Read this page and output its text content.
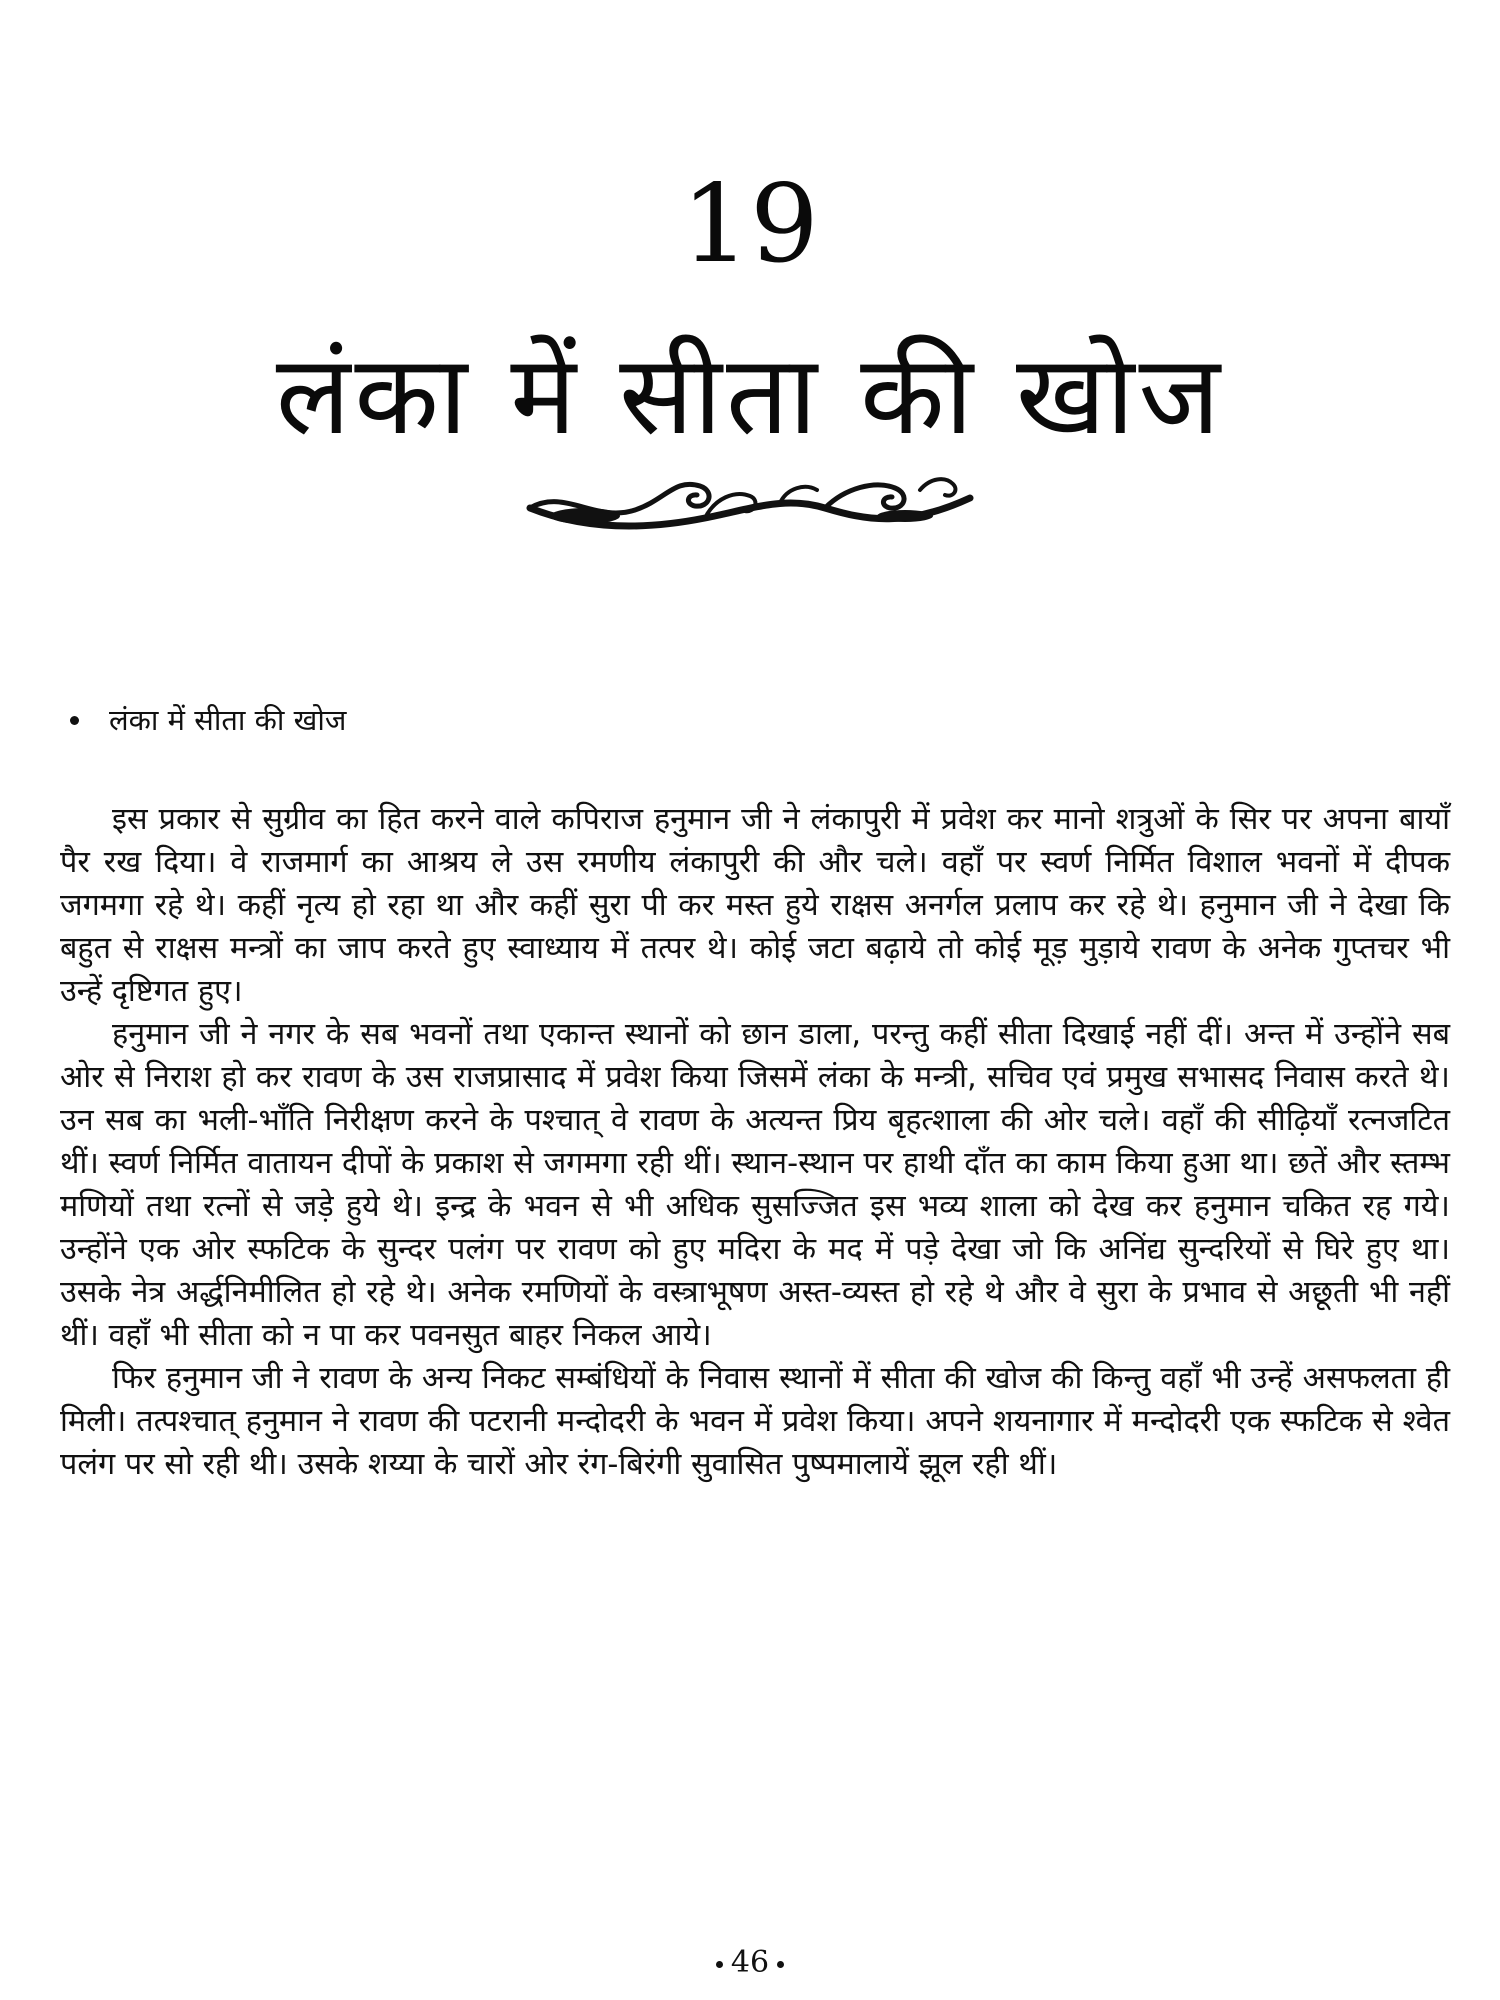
19
लंका में सीता की खोज
लंका में सीता की खोज

इस प्रकार से सुग्रीव का हित करने वाले कपिराज हनुमान जी ने लंकापुरी में प्रवेश कर मानो शत्रुओं के सिर पर अपना बायाँ पैर रख दिया। वे राजमार्ग का आश्रय ले उस रमणीय लंकापुरी की और चले। वहाँ पर स्वर्ण निर्मित विशाल भवनों में दीपक जगमगा रहे थे। कहीं नृत्य हो रहा था और कहीं सुरा पी कर मस्त हुये राक्षस अनर्गल प्रलाप कर रहे थे। हनुमान जी ने देखा कि बहुत से राक्षस मन्त्रों का जाप करते हुए स्वाध्याय में तत्पर थे। कोई जटा बढ़ाये तो कोई मूड़ मुड़ाये रावण के अनेक गुप्तचर भी उन्हें दृष्टिगत हुए।

हनुमान जी ने नगर के सब भवनों तथा एकान्त स्थानों को छान डाला, परन्तु कहीं सीता दिखाई नहीं दीं। अन्त में उन्होंने सब ओर से निराश हो कर रावण के उस राजप्रासाद में प्रवेश किया जिसमें लंका के मन्त्री, सचिव एवं प्रमुख सभासद निवास करते थे। उन सब का भली-भाँति निरीक्षण करने के पश्चात् वे रावण के अत्यन्त प्रिय बृहत्शाला की ओर चले। वहाँ की सीढ़ियाँ रत्नजटित थीं। स्वर्ण निर्मित वातायन दीपों के प्रकाश से जगमगा रही थीं। स्थान-स्थान पर हाथी दाँत का काम किया हुआ था। छतें और स्तम्भ मणियों तथा रत्नों से जड़े हुये थे। इन्द्र के भवन से भी अधिक सुसज्जित इस भव्य शाला को देख कर हनुमान चकित रह गये। उन्होंने एक ओर स्फटिक के सुन्दर पलंग पर रावण को हुए मदिरा के मद में पड़े देखा जो कि अनिंद्य सुन्दरियों से घिरे हुए था। उसके नेत्र अर्द्धनिमीलित हो रहे थे। अनेक रमणियों के वस्त्राभूषण अस्त-व्यस्त हो रहे थे और वे सुरा के प्रभाव से अछूती भी नहीं थीं। वहाँ भी सीता को न पा कर पवनसुत बाहर निकल आये।

फिर हनुमान जी ने रावण के अन्य निकट सम्बंधियों के निवास स्थानों में सीता की खोज की किन्तु वहाँ भी उन्हें असफलता ही मिली। तत्पश्चात् हनुमान ने रावण की पटरानी मन्दोदरी के भवन में प्रवेश किया। अपने शयनागार में मन्दोदरी एक स्फटिक से श्वेत पलंग पर सो रही थी। उसके शय्या के चारों ओर रंग-बिरंगी सुवासित पुष्पमालायें झूल रही थीं।

46
